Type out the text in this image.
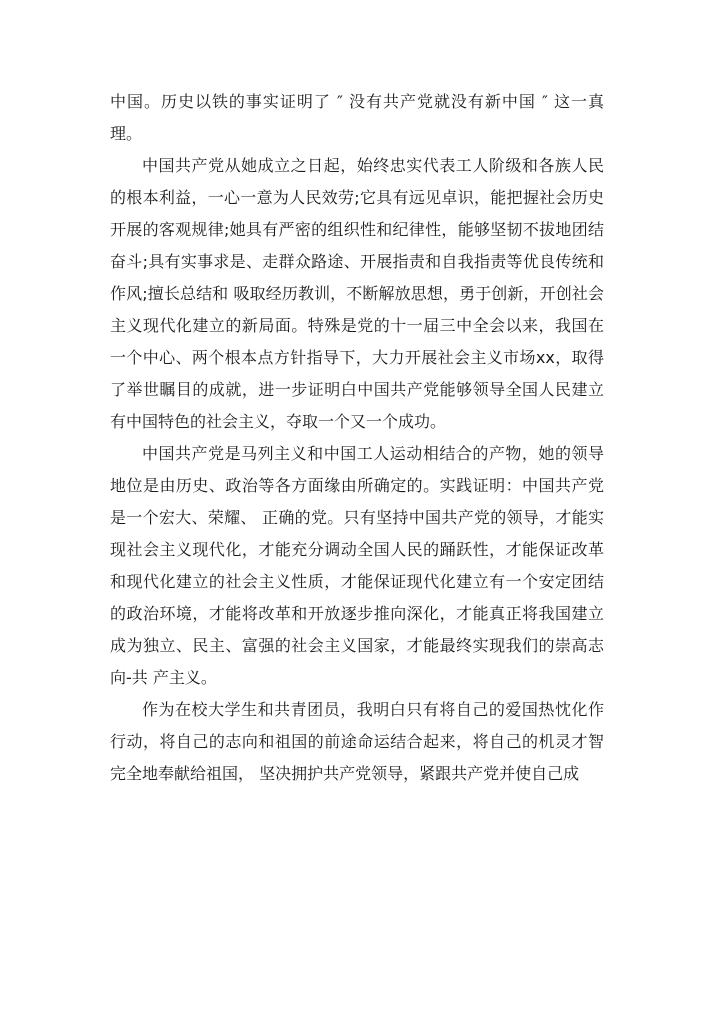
中国。历史以铁的事实证明了 ″ 没有共产党就没有新中国 ″ 这一真理。

中国共产党从她成立之日起，始终忠实代表工人阶级和各族人民的根本利益，一心一意为人民效劳;它具有远见卓识，能把握社会历史开展的客观规律;她具有严密的组织性和纪律性，能够坚韧不拔地团结奋斗;具有实事求是、走群众路途、开展指责和自我指责等优良传统和作风;擅长总结和 吸取经历教训，不断解放思想，勇于创新，开创社会主义现代化建立的新局面。特殊是党的十一届三中全会以来，我国在一个中心、两个根本点方针指导下，大力开展社会主义市场xx，取得了举世瞩目的成就，进一步证明白中国共产党能够领导全国人民建立有中国特色的社会主义，夺取一个又一个成功。

中国共产党是马列主义和中国工人运动相结合的产物，她的领导地位是由历史、政治等各方面缘由所确定的。实践证明：中国共产党是一个宏大、荣耀、 正确的党。只有坚持中国共产党的领导，才能实现社会主义现代化，才能充分调动全国人民的踊跃性，才能保证改革和现代化建立的社会主义性质，才能保证现代化建立有一个安定团结的政治环境，才能将改革和开放逐步推向深化，才能真正将我国建立成为独立、民主、富强的社会主义国家，才能最终实现我们的崇高志向-共 产主义。

作为在校大学生和共青团员，我明白只有将自己的爱国热忱化作行动，将自己的志向和祖国的前途命运结合起来，将自己的机灵才智完全地奉献给祖国， 坚决拥护共产党领导，紧跟共产党并使自己成
